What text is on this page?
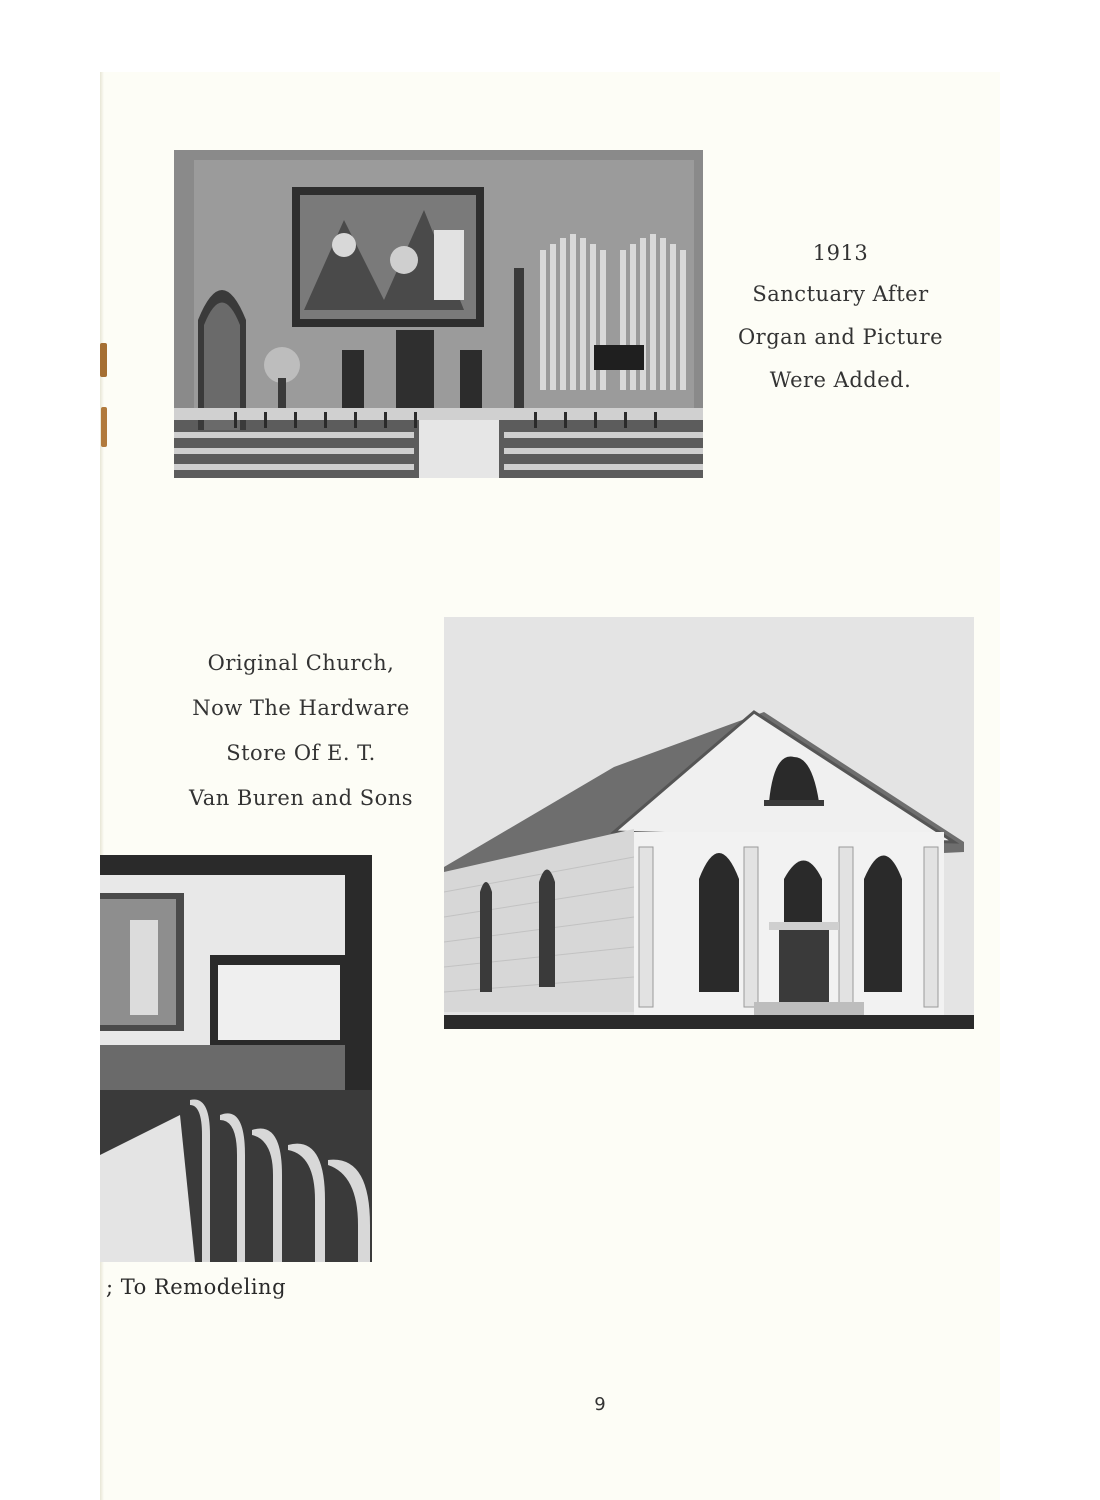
1913
Sanctuary After
Organ and Picture
Were Added.
Original Church,
Now The Hardware
Store Of E. T.
Van Buren and Sons
; To Remodeling
9
